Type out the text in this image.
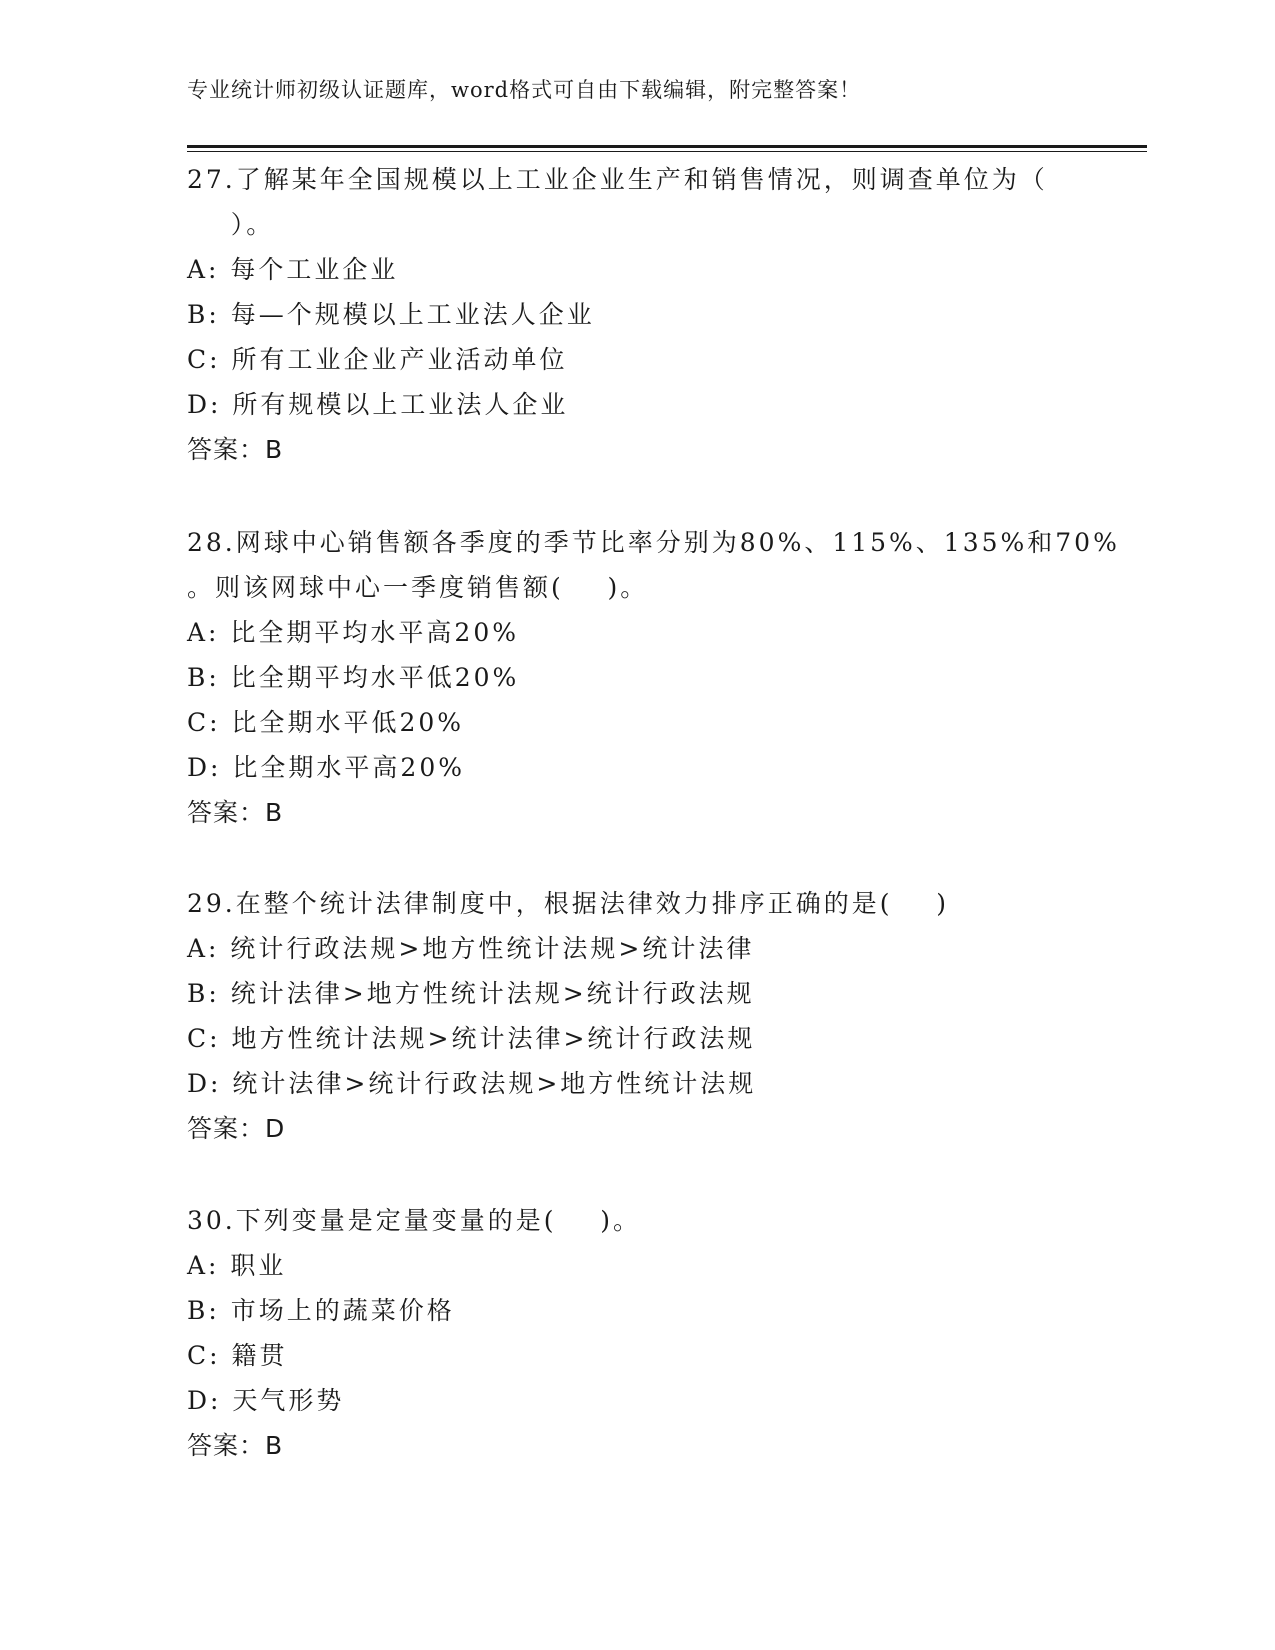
专业统计师初级认证题库，word格式可自由下载编辑，附完整答案！
27.了解某年全国规模以上工业企业生产和销售情况，则调查单位为（
）。
A: 每个工业企业
B: 每—个规模以上工业法人企业
C: 所有工业企业产业活动单位
D: 所有规模以上工业法人企业
答案：B
28.网球中心销售额各季度的季节比率分别为80%、115%、135%和70%
。则该网球中心一季度销售额(    )。
A: 比全期平均水平高20%
B: 比全期平均水平低20%
C: 比全期水平低20%
D: 比全期水平高20%
答案：B
29.在整个统计法律制度中，根据法律效力排序正确的是(    )
A: 统计行政法规>地方性统计法规>统计法律
B: 统计法律>地方性统计法规>统计行政法规
C: 地方性统计法规>统计法律>统计行政法规
D: 统计法律>统计行政法规>地方性统计法规
答案：D
30.下列变量是定量变量的是(    )。
A: 职业
B: 市场上的蔬菜价格
C: 籍贯
D: 天气形势
答案：B
